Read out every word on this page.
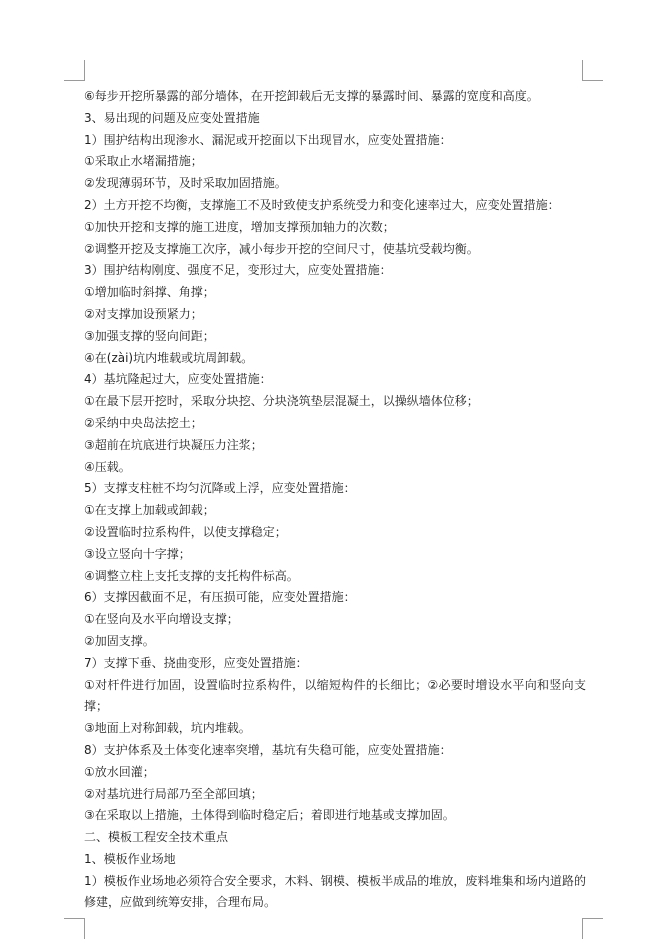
⑥每步开挖所暴露的部分墙体，在开挖卸载后无支撑的暴露时间、暴露的宽度和高度。
3、易出现的问题及应变处置措施
1）围护结构出现渗水、漏泥或开挖面以下出现冒水，应变处置措施：
①采取止水堵漏措施；
②发现薄弱环节，及时采取加固措施。
2）土方开挖不均衡，支撑施工不及时致使支护系统受力和变化速率过大，应变处置措施：
①加快开挖和支撑的施工进度，增加支撑预加轴力的次数；
②调整开挖及支撑施工次序，减小每步开挖的空间尺寸，使基坑受载均衡。
3）围护结构刚度、强度不足，变形过大，应变处置措施：
①增加临时斜撑、角撑；
②对支撑加设预紧力；
③加强支撑的竖向间距；
④在(zài)坑内堆载或坑周卸载。
4）基坑隆起过大，应变处置措施：
①在最下层开挖时，采取分块挖、分块浇筑垫层混凝土，以操纵墙体位移；
②采纳中央岛法挖土；
③超前在坑底进行块凝压力注浆；
④压载。
5）支撑支柱桩不均匀沉降或上浮，应变处置措施：
①在支撑上加载或卸载；
②设置临时拉系构件，以使支撑稳定；
③设立竖向十字撑；
④调整立柱上支托支撑的支托构件标高。
6）支撑因截面不足，有压损可能，应变处置措施：
①在竖向及水平向增设支撑；
②加固支撑。
7）支撑下垂、挠曲变形，应变处置措施：
①对杆件进行加固，设置临时拉系构件，以缩短构件的长细比；②必要时增设水平向和竖向支撑；
③地面上对称卸载，坑内堆载。
8）支护体系及土体变化速率突增，基坑有失稳可能，应变处置措施：
①放水回灌；
②对基坑进行局部乃至全部回填；
③在采取以上措施，土体得到临时稳定后；着即进行地基或支撑加固。
二、模板工程安全技术重点
1、模板作业场地
1）模板作业场地必须符合安全要求，木料、钢模、模板半成品的堆放，废料堆集和场内道路的修建，应做到统筹安排，合理布局。
